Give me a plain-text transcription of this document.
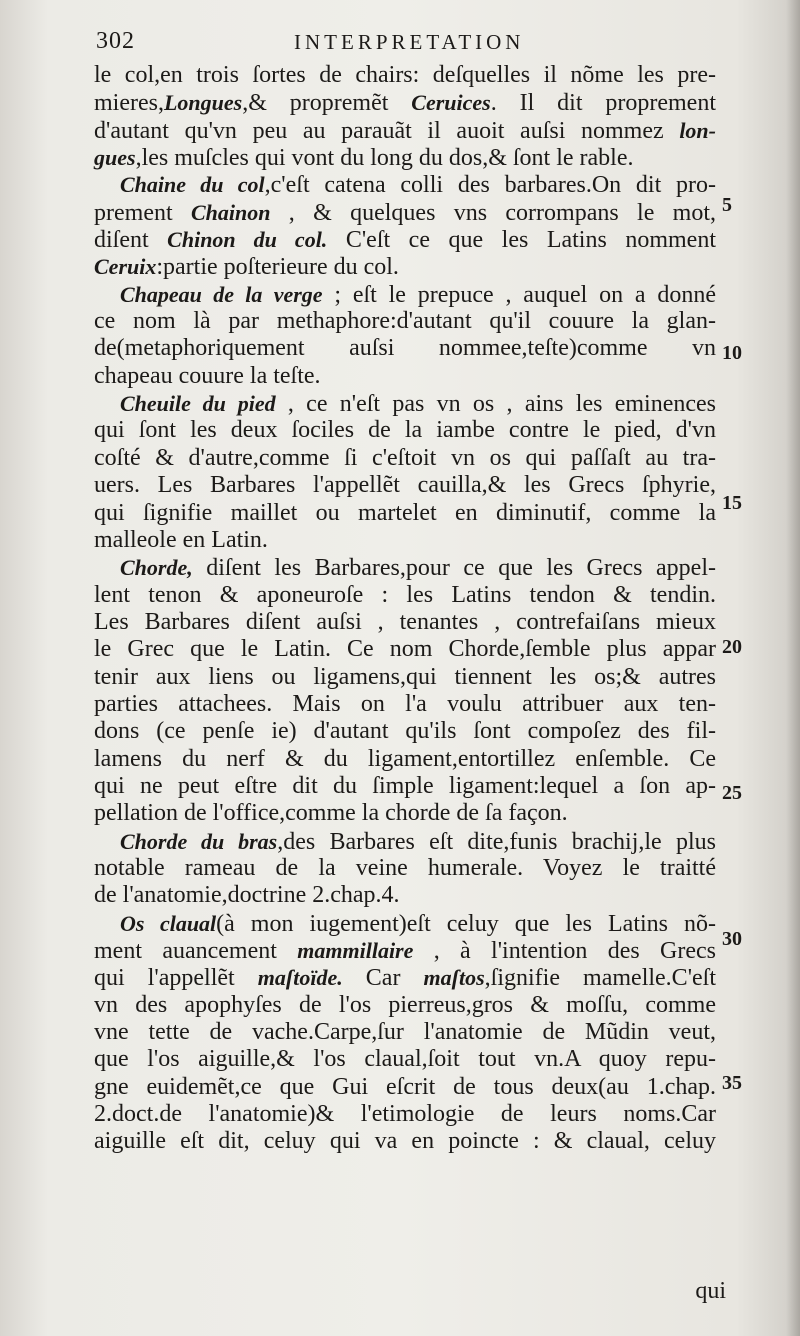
302	INTERPRETATION
le col,en trois ſortes de chairs: deſquelles il nõme les pre-
mieres,Longues,& propremẽt Ceruices. Il dit proprement
d'autant qu'vn peu au parauãt il auoit auſsi nommez lon-
gues,les muſcles qui vont du long du dos,& ſont le rable.
Chaine du col,c'eſt catena colli des barbares.On dit pro-
prement Chainon , & quelques vns corrompans le mot,
diſent Chinon du col. C'eſt ce que les Latins nomment
Ceruix:partie poſterieure du col.
Chapeau de la verge ; eſt le prepuce , auquel on a donné
ce nom là par methaphore:d'autant qu'il couure la glan-
de(metaphoriquement auſsi nommee,teſte)comme vn
chapeau couure la teſte.
Cheuile du pied , ce n'eſt pas vn os , ains les eminences
qui ſont les deux ſociles de la iambe contre le pied, d'vn
coſté & d'autre,comme ſi c'eſtoit vn os qui paſſaſt au tra-
uers. Les Barbares l'appellẽt cauilla,& les Grecs ſphyrie,
qui ſignifie maillet ou martelet en diminutif, comme la
malleole en Latin.
Chorde, diſent les Barbares,pour ce que les Grecs appel-
lent tenon & aponeuroſe : les Latins tendon & tendin.
Les Barbares diſent auſsi , tenantes , contrefaiſans mieux
le Grec que le Latin. Ce nom Chorde,ſemble plus appar
tenir aux liens ou ligamens,qui tiennent les os;& autres
parties attachees. Mais on l'a voulu attribuer aux ten-
dons (ce penſe ie) d'autant qu'ils ſont compoſez des fil-
lamens du nerf & du ligament,entortillez enſemble. Ce
qui ne peut eſtre dit du ſimple ligament:lequel a ſon ap-
pellation de l'office,comme la chorde de ſa façon.
Chorde du bras,des Barbares eſt dite,funis brachij,le plus
notable rameau de la veine humerale. Voyez le traitté
de l'anatomie,doctrine 2.chap.4.
Os claual(à mon iugement)eſt celuy que les Latins nõ-
ment auancement mammillaire , à l'intention des Grecs
qui l'appellẽt maſtoïde. Car maſtos,ſignifie mamelle.C'eſt
vn des apophyſes de l'os pierreus,gros & moſſu, comme
vne tette de vache.Carpe,ſur l'anatomie de Mũdin veut,
que l'os aiguille,& l'os claual,ſoit tout vn.A quoy repu-
gne euidemẽt,ce que Gui eſcrit de tous deux(au 1.chap.
2.doct.de l'anatomie)& l'etimologie de leurs noms.Car
aiguille eſt dit, celuy qui va en poincte : & claual, celuy
5
10
15
20
25
30
35
qui
